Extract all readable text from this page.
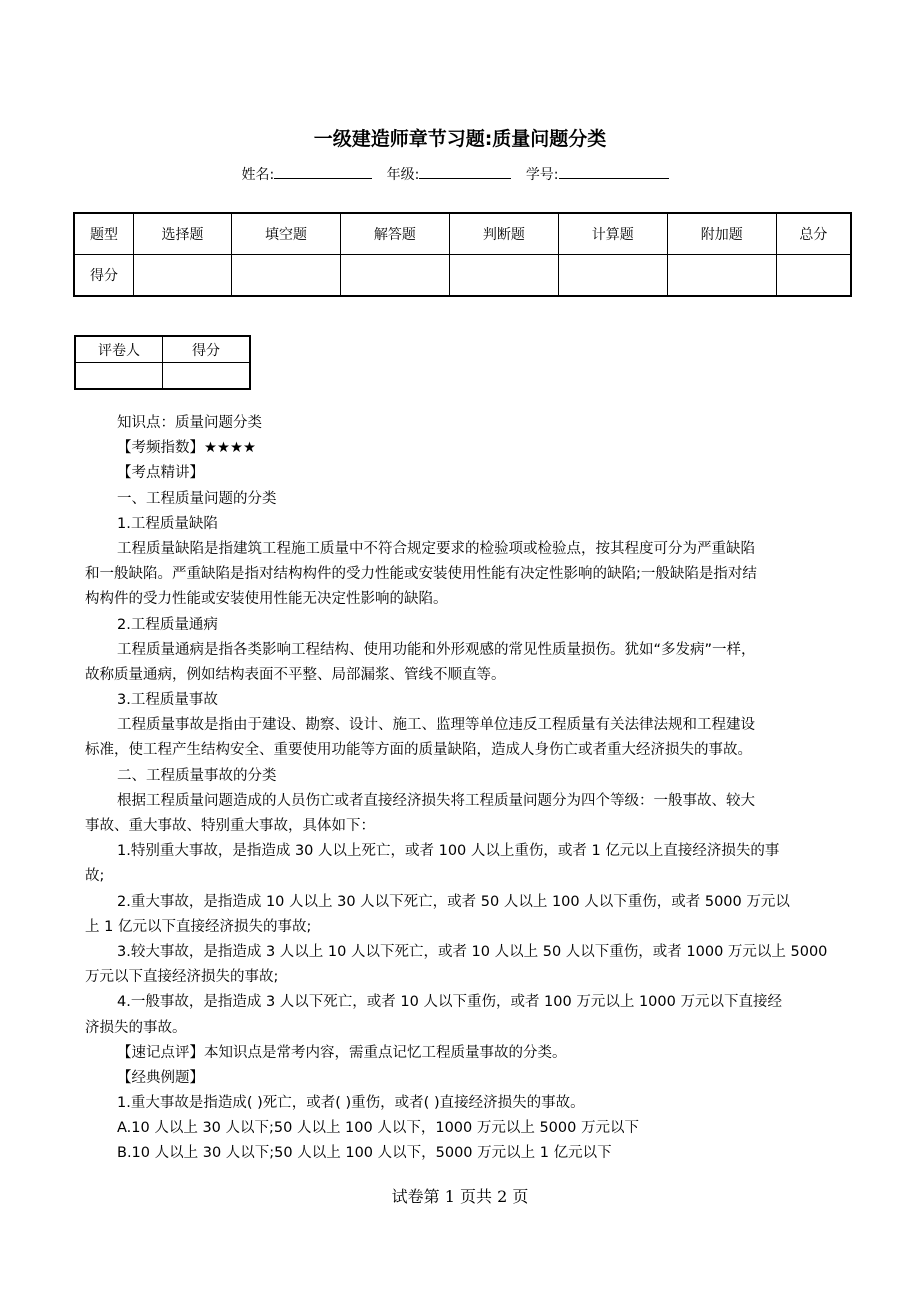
一级建造师章节习题:质量问题分类
姓名:	年级:	学号:
题型	选择题	填空题	解答题	判断题	计算题	附加题	总分
得分							
评卷人	得分

知识点：质量问题分类
【考频指数】★★★★
【考点精讲】
一、工程质量问题的分类
1.工程质量缺陷
工程质量缺陷是指建筑工程施工质量中不符合规定要求的检验项或检验点，按其程度可分为严重缺陷
和一般缺陷。严重缺陷是指对结构构件的受力性能或安装使用性能有决定性影响的缺陷;一般缺陷是指对结
构构件的受力性能或安装使用性能无决定性影响的缺陷。
2.工程质量通病
工程质量通病是指各类影响工程结构、使用功能和外形观感的常见性质量损伤。犹如“多发病”一样，
故称质量通病，例如结构表面不平整、局部漏浆、管线不顺直等。
3.工程质量事故
工程质量事故是指由于建设、勘察、设计、施工、监理等单位违反工程质量有关法律法规和工程建设
标准，使工程产生结构安全、重要使用功能等方面的质量缺陷，造成人身伤亡或者重大经济损失的事故。
二、工程质量事故的分类
根据工程质量问题造成的人员伤亡或者直接经济损失将工程质量问题分为四个等级：一般事故、较大
事故、重大事故、特别重大事故，具体如下：
1.特别重大事故，是指造成 30 人以上死亡，或者 100 人以上重伤，或者 1 亿元以上直接经济损失的事
故;
2.重大事故，是指造成 10 人以上 30 人以下死亡，或者 50 人以上 100 人以下重伤，或者 5000 万元以
上 1 亿元以下直接经济损失的事故;
3.较大事故，是指造成 3 人以上 10 人以下死亡，或者 10 人以上 50 人以下重伤，或者 1000 万元以上 5000
万元以下直接经济损失的事故;
4.一般事故，是指造成 3 人以下死亡，或者 10 人以下重伤，或者 100 万元以上 1000 万元以下直接经
济损失的事故。
【速记点评】本知识点是常考内容，需重点记忆工程质量事故的分类。
【经典例题】
1.重大事故是指造成( )死亡，或者( )重伤，或者( )直接经济损失的事故。
A.10 人以上 30 人以下;50 人以上 100 人以下，1000 万元以上 5000 万元以下
B.10 人以上 30 人以下;50 人以上 100 人以下，5000 万元以上 1 亿元以下
试卷第 1 页共 2 页
